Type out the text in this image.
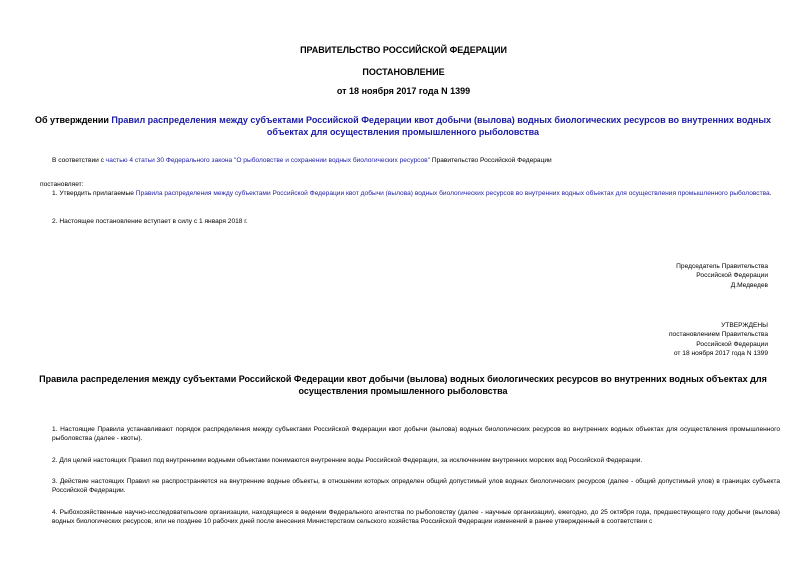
ПРАВИТЕЛЬСТВО РОССИЙСКОЙ ФЕДЕРАЦИИ
ПОСТАНОВЛЕНИЕ
от 18 ноября 2017 года N 1399
Об утверждении Правил распределения между субъектами Российской Федерации квот добычи (вылова) водных биологических ресурсов во внутренних водных объектах для осуществления промышленного рыболовства
В соответствии с частью 4 статьи 30 Федерального закона "О рыболовстве и сохранении водных биологических ресурсов" Правительство Российской Федерации
постановляет:
1. Утвердить прилагаемые Правила распределения между субъектами Российской Федерации квот добычи (вылова) водных биологических ресурсов во внутренних водных объектах для осуществления промышленного рыболовства.
2. Настоящее постановление вступает в силу с 1 января 2018 г.
Председатель Правительства
Российской Федерации
Д.Медведев
УТВЕРЖДЕНЫ
постановлением Правительства
Российской Федерации
от 18 ноября 2017 года N 1399
Правила распределения между субъектами Российской Федерации квот добычи (вылова) водных биологических ресурсов во внутренних водных объектах для осуществления промышленного рыболовства
1. Настоящие Правила устанавливают порядок распределения между субъектами Российской Федерации квот добычи (вылова) водных биологических ресурсов во внутренних водных объектах для осуществления промышленного рыболовства (далее - квоты).
2. Для целей настоящих Правил под внутренними водными объектами понимаются внутренние воды Российской Федерации, за исключением внутренних морских вод Российской Федерации.
3. Действие настоящих Правил не распространяется на внутренние водные объекты, в отношении которых определен общий допустимый улов водных биологических ресурсов (далее - общий допустимый улов) в границах субъекта Российской Федерации.
4. Рыбохозяйственные научно-исследовательские организации, находящиеся в ведении Федерального агентства по рыболовству (далее - научные организации), ежегодно, до 25 октября года, предшествующего году добычи (вылова) водных биологических ресурсов, или не позднее 10 рабочих дней после внесения Министерством сельского хозяйства Российской Федерации изменений в ранее утвержденный в соответствии с
